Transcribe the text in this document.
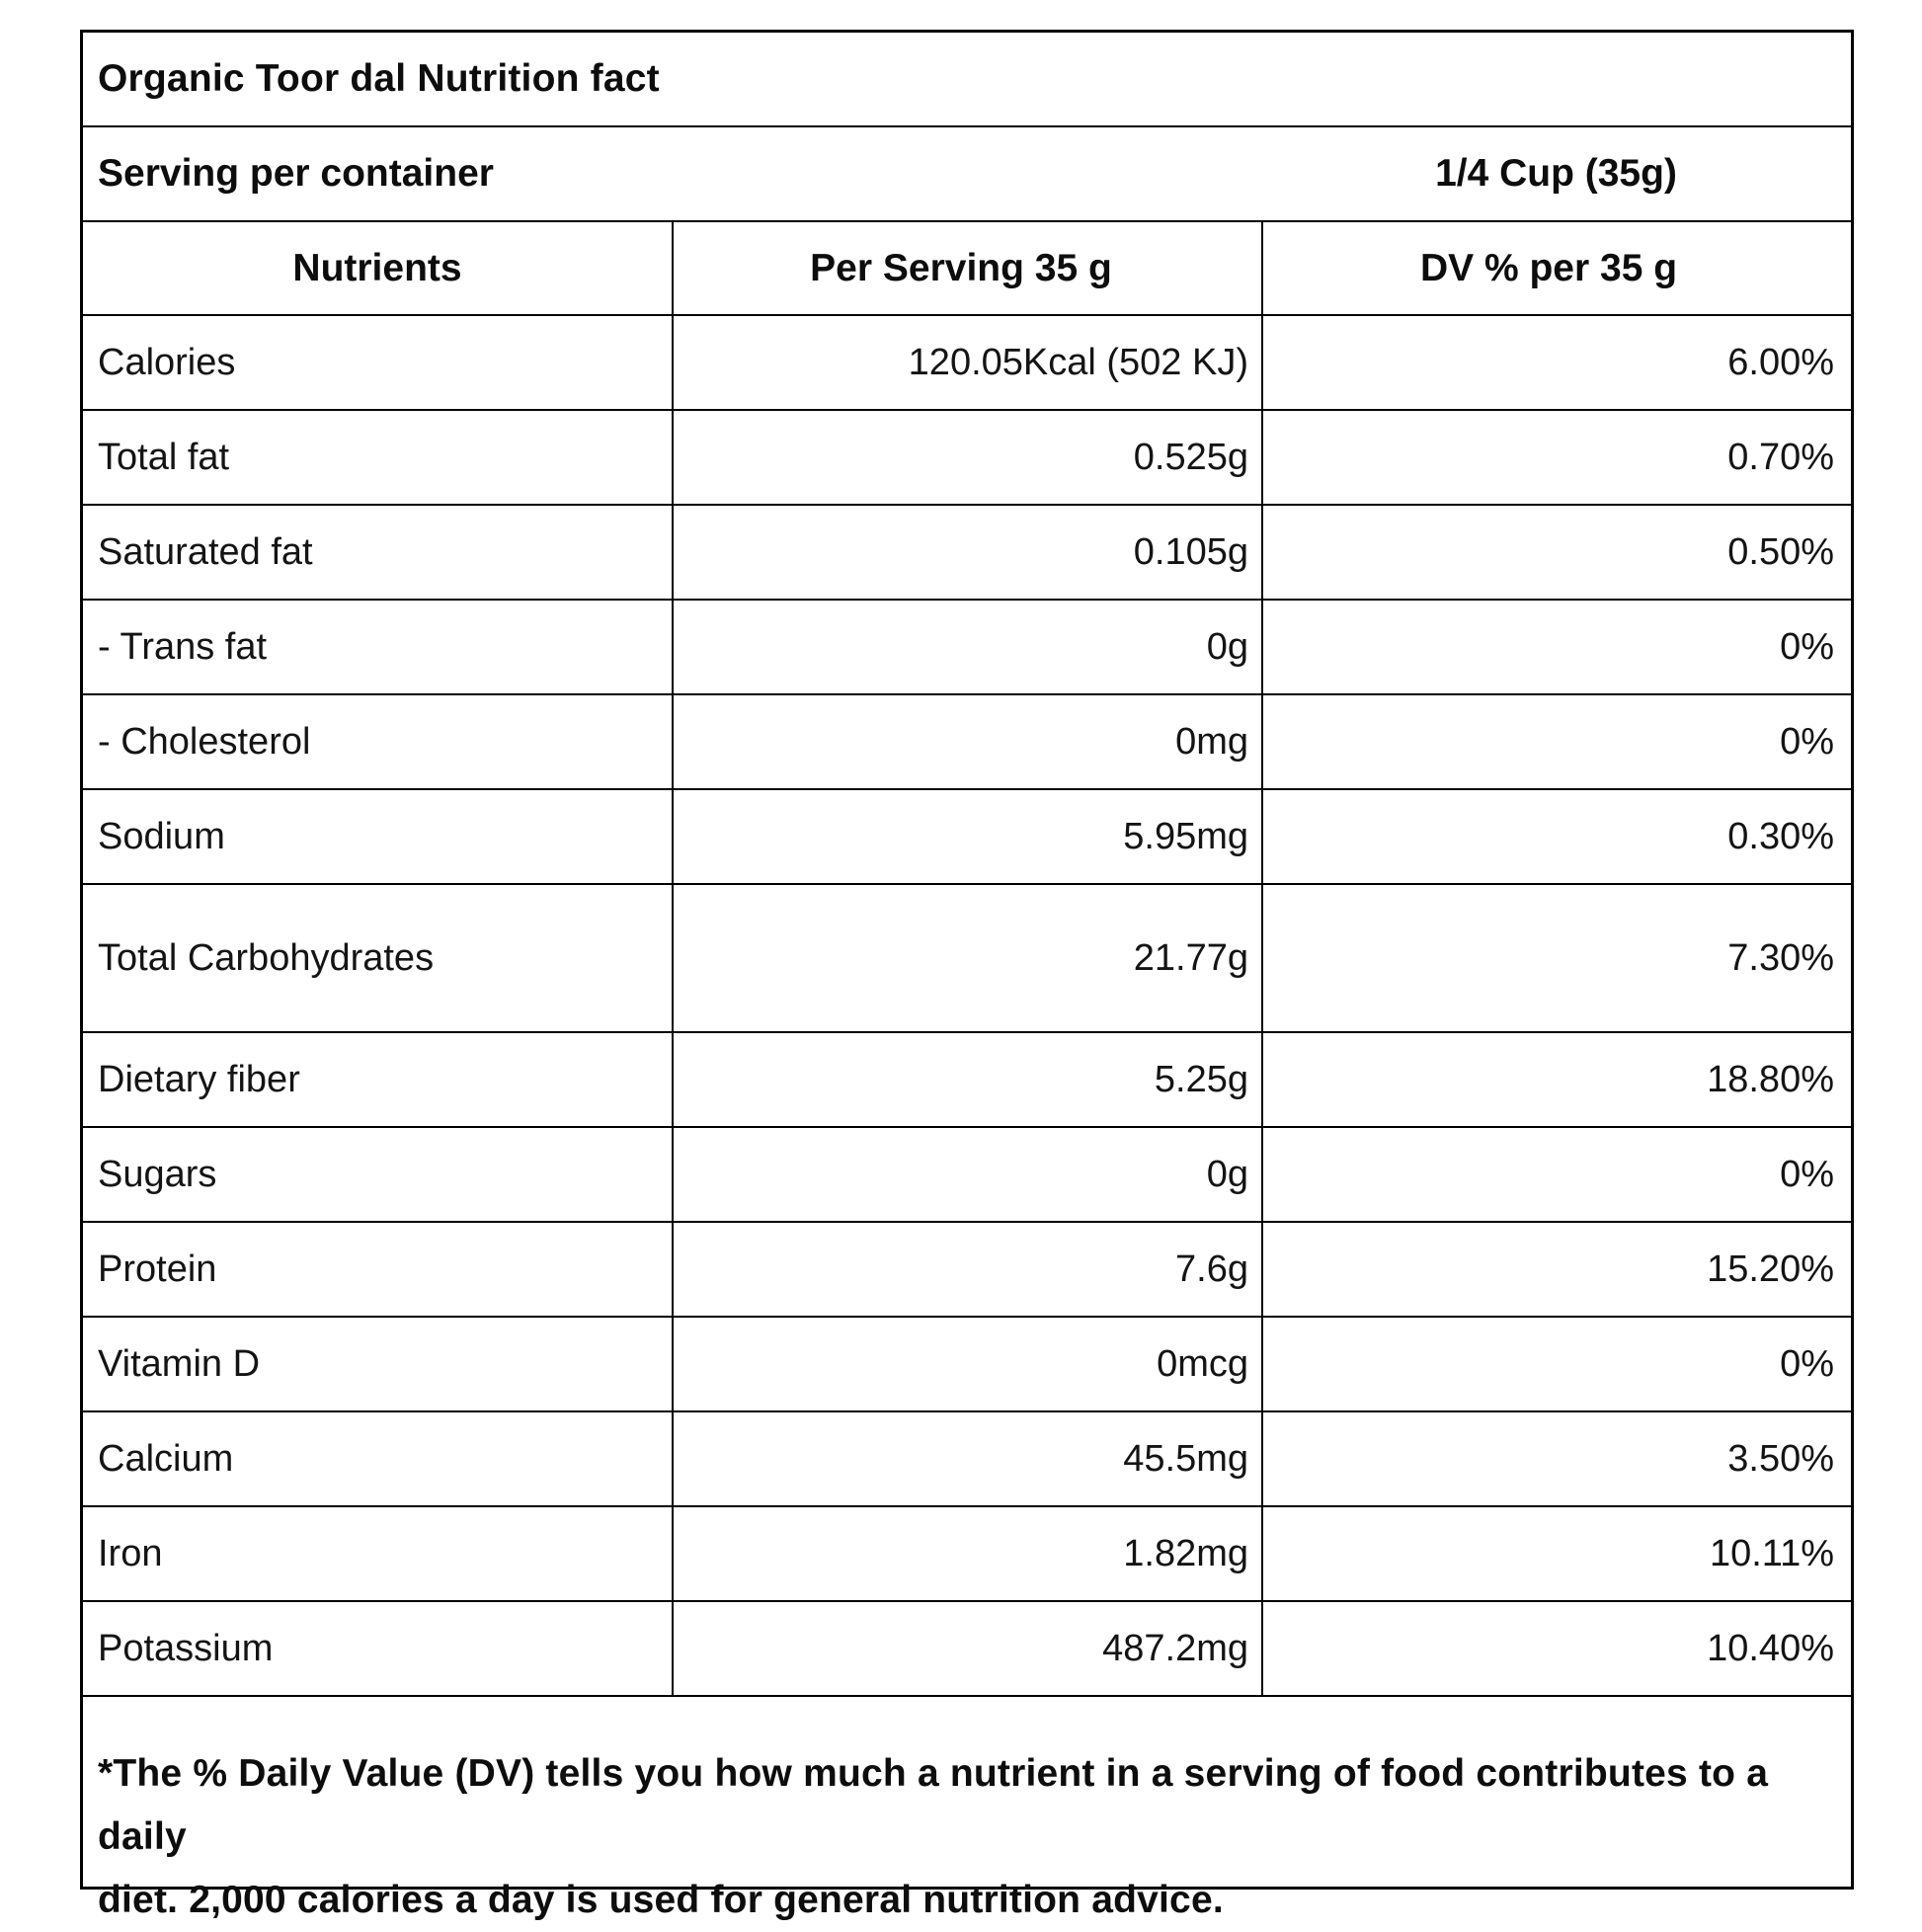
Organic Toor dal Nutrition fact
Serving per container	1/4 Cup (35g)
Nutrients	Per Serving 35 g	DV % per 35 g
Calories	120.05Kcal (502 KJ)	6.00%
Total fat	0.525g	0.70%
Saturated fat	0.105g	0.50%
- Trans fat	0g	0%
- Cholesterol	0mg	0%
Sodium	5.95mg	0.30%
Total Carbohydrates	21.77g	7.30%
Dietary fiber	5.25g	18.80%
Sugars	0g	0%
Protein	7.6g	15.20%
Vitamin D	0mcg	0%
Calcium	45.5mg	3.50%
Iron	1.82mg	10.11%
Potassium	487.2mg	10.40%
*The % Daily Value (DV) tells you how much a nutrient in a serving of food contributes to a daily
diet. 2,000 calories a day is used for general nutrition advice.
